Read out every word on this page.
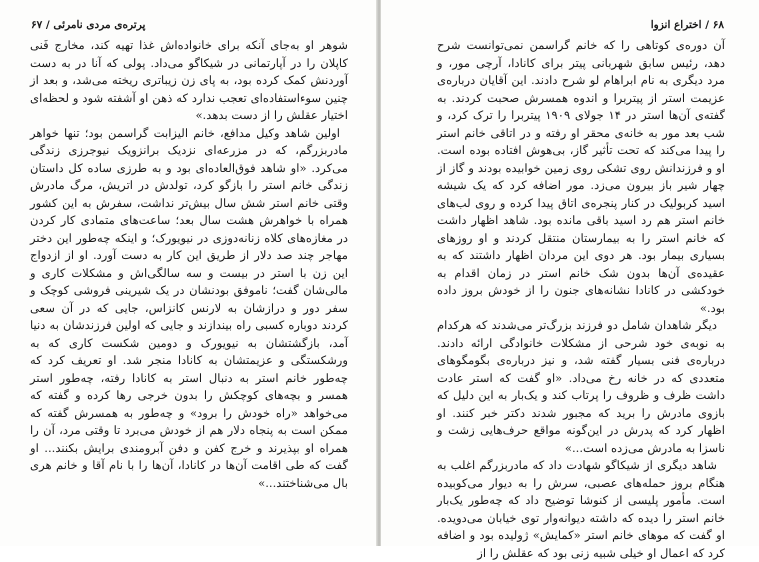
پرتره‌ی مردی نامرئی / ۶۷

شوهر او به‌جای آنکه برای خانواده‌اش غذا تهیه کند، مخارج فَنی کاپلان را در آپارتمانی در شیکاگو می‌داد. پولی که آنا در به دست آوردنش کمک کرده بود، به پای زن زیباتری ریخته می‌شد، و بعد از چنین سوءاستفاده‌ای تعجب ندارد که ذهن او آشفته شود و لحظه‌ای اختیار عقلش را از دست بدهد.»

اولین شاهد وکیل مدافع، خانم الیزابت گراسمن بود؛ تنها خواهر مادربزرگم، که در مزرعه‌ای نزدیک برانزویک نیوجرزی زندگی می‌کرد. «او شاهد فوق‌العاده‌ای بود و به طرزی ساده کل داستان زندگی خانم استر را بازگو کرد، تولدش در اتریش، مرگ مادرش وقتی خانم استر شش سال بیش‌تر نداشت، سفرش به این کشور همراه با خواهرش هشت سال بعد؛ ساعت‌های متمادی کار کردن در مغازه‌های کلاه زنانه‌دوزی در نیویورک؛ و اینکه چه‌طور این دختر مهاجر چند صد دلار از طریق این کار به دست آورد. او از ازدواج این زن با استر در بیست و سه سالگی‌اش و مشکلات کاری و مالی‌شان گفت؛ ناموفق بودنشان در یک شیرینی فروشی کوچک و سفر دور و درازشان به لارنس کانزاس، جایی که در آن سعی کردند دوباره کسبی راه بیندازند و جایی که اولین فرزندشان به دنیا آمد، بازگشتشان به نیویورک و دومین شکست کاری که به ورشکستگی و عزیمتشان به کانادا منجر شد. او تعریف کرد که چه‌طور خانم استر به دنبال استر به کانادا رفته، چه‌طور استر همسر و بچه‌های کوچکش را بدون خرجی رها کرده و گفته که می‌خواهد «راه خودش را برود» و چه‌طور به همسرش گفته که ممکن است به پنجاه دلار هم از خودش می‌برد تا وقتی مرد، آن را همراه او بپذیرند و خرج کفن و دفن آبرومندی برایش بکنند... او گفت که طی اقامت آن‌ها در کانادا، آن‌ها را با نام آقا و خانم هری بال می‌شناختند...»

۶۸ / اختراع انزوا

آن دوره‌ی کوتاهی را که خانم گراسمن نمی‌توانست شرح دهد، رئیس سابق شهربانی پیتر برای کانادا، آرچی مور، و مرد دیگری به نام ابراهام لو شرح دادند. این آقایان درباره‌ی عزیمت استر از پیتربرا و اندوه همسرش صحبت کردند. به گفته‌ی آن‌ها استر در ۱۴ جولای ۱۹۰۹ پیتربرا را ترک کرد، و شب بعد مور به خانه‌ی محقر او رفته و در اتاقی خانم استر را پیدا می‌کند که تحت تأثیر گاز، بی‌هوش افتاده بوده است. او و فرزندانش روی تشکی روی زمین خوابیده بودند و گاز از چهار شیر باز بیرون می‌زد. مور اضافه کرد که یک شیشه اسید کربولیک در کنار پنجره‌ی اتاق پیدا کرده و روی لب‌های خانم استر هم رد اسید باقی مانده بود. شاهد اظهار داشت که خانم استر را به بیمارستان منتقل کردند و او روزهای بسیاری بیمار بود. هر دوی این مردان اظهار داشتند که به عقیده‌ی آن‌ها بدون شک خانم استر در زمان اقدام به خودکشی در کانادا نشانه‌های جنون را از خودش بروز داده بود.»

دیگر شاهدان شامل دو فرزند بزرگ‌تر می‌شدند که هرکدام به نوبه‌ی خود شرحی از مشکلات خانوادگی ارائه دادند. درباره‌ی فنی بسیار گفته شد، و نیز درباره‌ی بگومگوهای متعددی که در خانه رخ می‌داد. «او گفت که استر عادت داشت ظرف و ظروف را پرتاب کند و یک‌بار به این دلیل که بازوی مادرش را برید که مجبور شدند دکتر خبر کنند. او اظهار کرد که پدرش در این‌گونه مواقع حرف‌هایی زشت و ناسزا به مادرش می‌زده است...»

شاهد دیگری از شیکاگو شهادت داد که مادربزرگم اغلب به هنگام بروز حمله‌های عصبی، سرش را به دیوار می‌کوبیده است. مأمور پلیسی از کنوشا توضیح داد که چه‌طور یک‌بار خانم استر را دیده که داشته دیوانه‌وار توی خیابان می‌دویده. او گفت که موهای خانم استر «کمایش» ژولیده بود و اضافه کرد که اعمال او خیلی شبیه زنی بود که عقلش را از
